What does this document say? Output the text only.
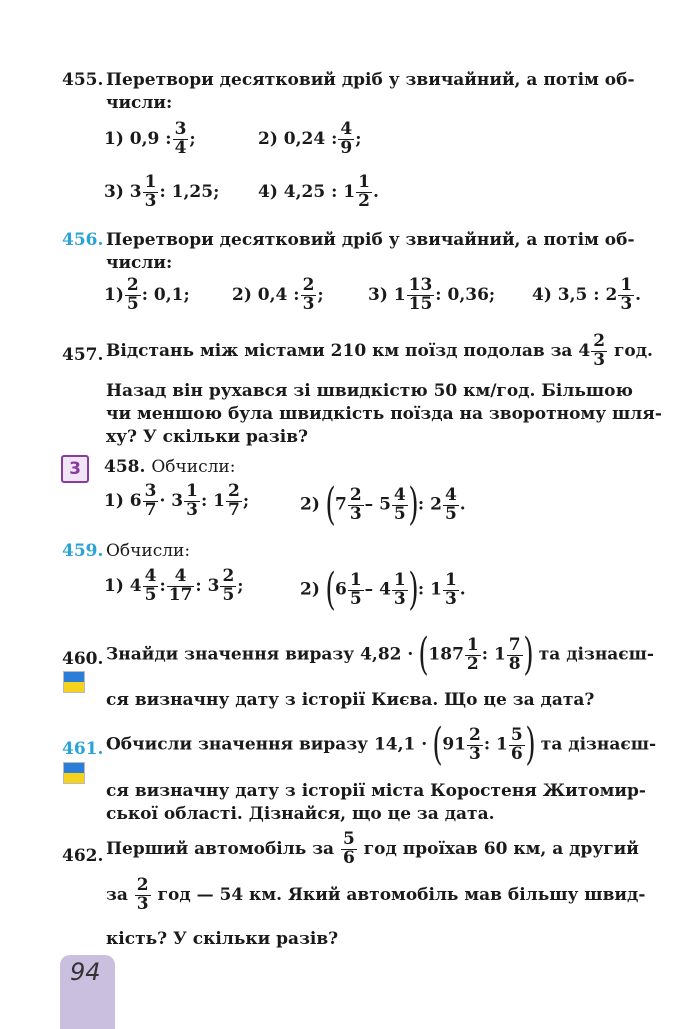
455. Перетвори десятковий дріб у звичайний, а потім об-
числи:
1) 0,9 : $\frac{3}{4}$ ;	2) 0,24 : $\frac{4}{9}$ ;
3) $3 \frac{1}{3}$ : 1,25; 4) 4,25 : $1 \frac{1}{2}$ .
456. Перетвори десятковий дріб у звичайний, а потім об-
числи:
$1) \frac{2}{5}$ : 0,1; 2) 0,4 : $\frac{2}{3}$ ;	3) $1 \frac{13}{15}$ : 0,36; 4) 3,5 : $2 \frac{1}{3}$ .
457. Відстань між містами 210 км поїзд подолав за $4 \frac{2}{3}$ год.
Назад він рухався зі швидкістю 50 км/год. Більшою
чи меншою була швидкість поїзда на зворотному шля-
ху? У скільки разів?
3	458. Обчисли:
1) $6 \frac{3}{7} \cdot 3 \frac{1}{3}$ : $1 \frac{2}{7}$ ;	2) ($7 \frac{2}{3} - 5 \frac{4}{5}$ ): $2 \frac{4}{5}$ .
459. Обчисли:
1) $4 \frac{4}{5}$ : $\frac{4}{17}$ : $3 \frac{2}{5}$ ;	2) ($6 \frac{1}{5} - 4 \frac{1}{3}$ ): $1 \frac{1}{3}$ .
460. Знайди значення виразу $4,82 \cdot (187 \frac{1}{2}$ : $1 \frac{7}{8}$ ) та дізнаєш-
ся визначну дату з історії Києва. Що це за дата?
461. Обчисли значення виразу $14,1 \cdot (91 \frac{2}{3}$ : $1 \frac{5}{6}$ ) та дізнаєш-
ся визначну дату з історії міста Коростеня Житомир-
ської області. Дізнайся, що це за дата.
462. Перший автомобіль за $\frac{5}{6}$ год проїхав 60 км, а другий
за $\frac{2}{3}$ год — 54 км. Який автомобіль мав більшу швид-
кість? У скільки разів?
94
